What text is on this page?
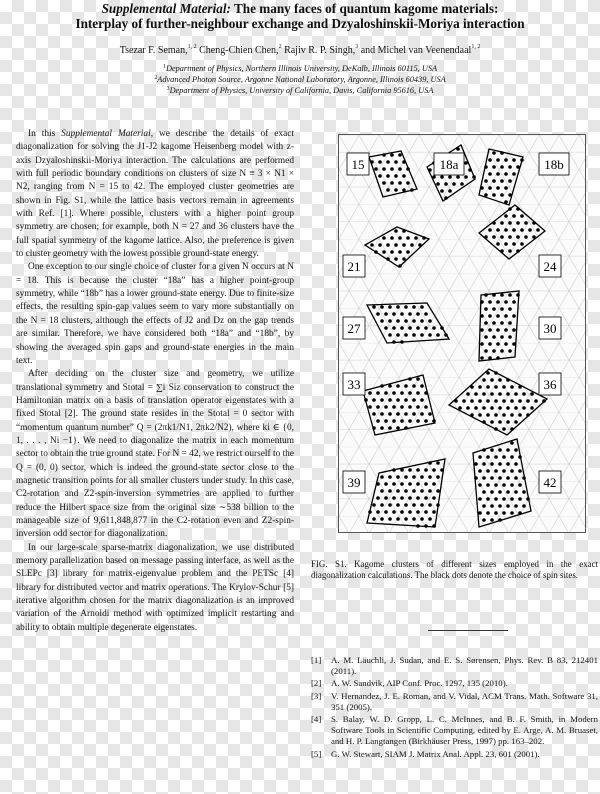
Supplemental Material: The many faces of quantum kagome materials:
Interplay of further-neighbour exchange and Dzyaloshinskii-Moriya interaction
Tsezar F. Seman,$^{1, 2}$ Cheng-Chien Chen,$^2$ Rajiv R. P. Singh,$^3$ and Michel van Veenendaal$^{1, 2}$
$^1$Department of Physics, Northern Illinois University, DeKalb, Illinois 60115, USA
$^2$Advanced Photon Source, Argonne National Laboratory, Argonne, Illinois 60439, USA
$^3$Department of Physics, University of California, Davis, California 95616, USA

In this Supplemental Material, we describe the details of exact diagonalization for solving the J1-J2 kagome Heisenberg model with z-axis Dzyaloshinskii-Moriya interaction. The calculations are performed with full periodic boundary conditions on clusters of size N ≡ 3 × N1 × N2, ranging from N = 15 to 42. The employed cluster geometries are shown in Fig. S1, while the lattice basis vectors remain in agreements with Ref. [1]. Where possible, clusters with a higher point group symmetry are chosen; for example, both N = 27 and 36 clusters have the full spatial symmetry of the kagome lattice. Also, the preference is given to cluster geometry with the lowest possible ground-state energy.

One exception to our single choice of cluster for a given N occurs at N = 18. This is because the cluster “18a” has a higher point-group symmetry, while “18b” has a lower ground-state energy. Due to finite-size effects, the resulting spin-gap values seem to vary more substantially on the N = 18 clusters, although the effects of J2 and Dz on the gap trends are similar. Therefore, we have considered both “18a” and “18b”, by showing the averaged spin gaps and ground-state energies in the main text.

After deciding on the cluster size and geometry, we utilize translational symmetry and Stotal = ∑i Siz conservation to construct the Hamiltonian matrix on a basis of translation operator eigenstates with a fixed Stotal [2]. The ground state resides in the Stotal = 0 sector with “momentum quantum number” Q = (2πk1/N1, 2πk2/N2), where ki ∈ {0, 1, . . . , Ni −1}. We need to diagonalize the matrix in each momentum sector to obtain the true ground state. For N = 42, we restrict ourself to the Q = (0, 0) sector, which is indeed the ground-state sector close to the magnetic transition points for all smaller clusters under study. In this case, C2-rotation and Z2-spin-inversion symmetries are applied to further reduce the Hilbert space size from the original size ∼538 billion to the manageable size of 9,611,848,877 in the C2-rotation even and Z2-spin-inversion odd sector for diagonalization.

In our large-scale sparse-matrix diagonalization, we use distributed memory parallelization based on message passing interface, as well as the SLEPc [3] library for matrix-eigenvalue problem and the PETSc [4] library for distributed vector and matrix operations. The Krylov-Schur [5] iterative algorithm chosen for the matrix diagonalization is an improved variation of the Arnoldi method with optimized implicit restarting and ability to obtain multiple degenerate eigenstates.

15	18a	18b
21	24
27	30
33	36
39	42
FIG. S1. Kagome clusters of different sizes employed in the exact diagonalization calculations. The black dots denote the choice of spin sites.
[1] A. M. Läuchli, J. Sudan, and E. S. Sørensen, Phys. Rev. B 83, 212401 (2011).
[2] A. W. Sandvik, AIP Conf. Proc. 1297, 135 (2010).
[3] V. Hernandez, J. E. Roman, and V. Vidal, ACM Trans. Math. Software 31, 351 (2005).
[4] S. Balay, W. D. Gropp, L. C. McInnes, and B. F. Smith, in Modern Software Tools in Scientific Computing, edited by E. Arge, A. M. Bruaset, and H. P. Langtangen (Birkhäuser Press, 1997) pp. 163–202.
[5] G. W. Stewart, SIAM J. Matrix Anal. Appl. 23, 601 (2001).
